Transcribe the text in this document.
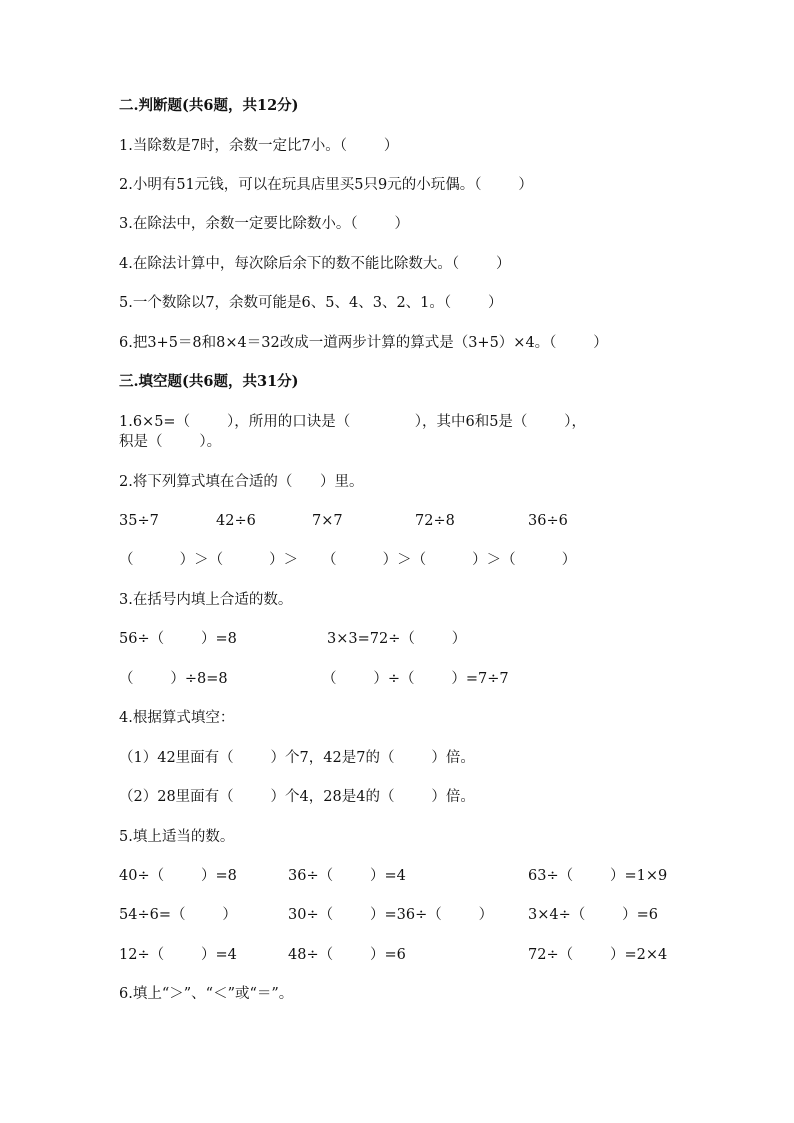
二.判断题(共6题，共12分)
1.当除数是7时，余数一定比7小。（        ）
2.小明有51元钱，可以在玩具店里买5只9元的小玩偶。（        ）
3.在除法中，余数一定要比除数小。（        ）
4.在除法计算中，每次除后余下的数不能比除数大。（        ）
5.一个数除以7，余数可能是6、5、4、3、2、1。（        ）
6.把3+5＝8和8×4＝32改成一道两步计算的算式是（3+5）×4。（        ）
三.填空题(共6题，共31分)
1.6×5=（        ），所用的口诀是（              ），其中6和5是（        ），
积是（        ）。
2.将下列算式填在合适的（      ）里。
35÷7	42÷6	7×7	72÷8	36÷6
（          ）＞（          ）＞ （          ）＞（          ）＞（          ）
3.在括号内填上合适的数。
56÷（        ）=8	3×3=72÷（        ）
（        ）÷8=8	（        ）÷（        ）=7÷7
4.根据算式填空：
（1）42里面有（        ）个7，42是7的（        ）倍。
（2）28里面有（        ）个4，28是4的（        ）倍。
5.填上适当的数。
40÷（        ）=8	36÷（        ）=4	63÷（        ）=1×9
54÷6=（        ）	30÷（        ）=36÷（        ） 3×4÷（        ）=6
12÷（        ）=4	48÷（        ）=6	72÷（        ）=2×4
6.填上“＞”、“＜”或“＝”。
